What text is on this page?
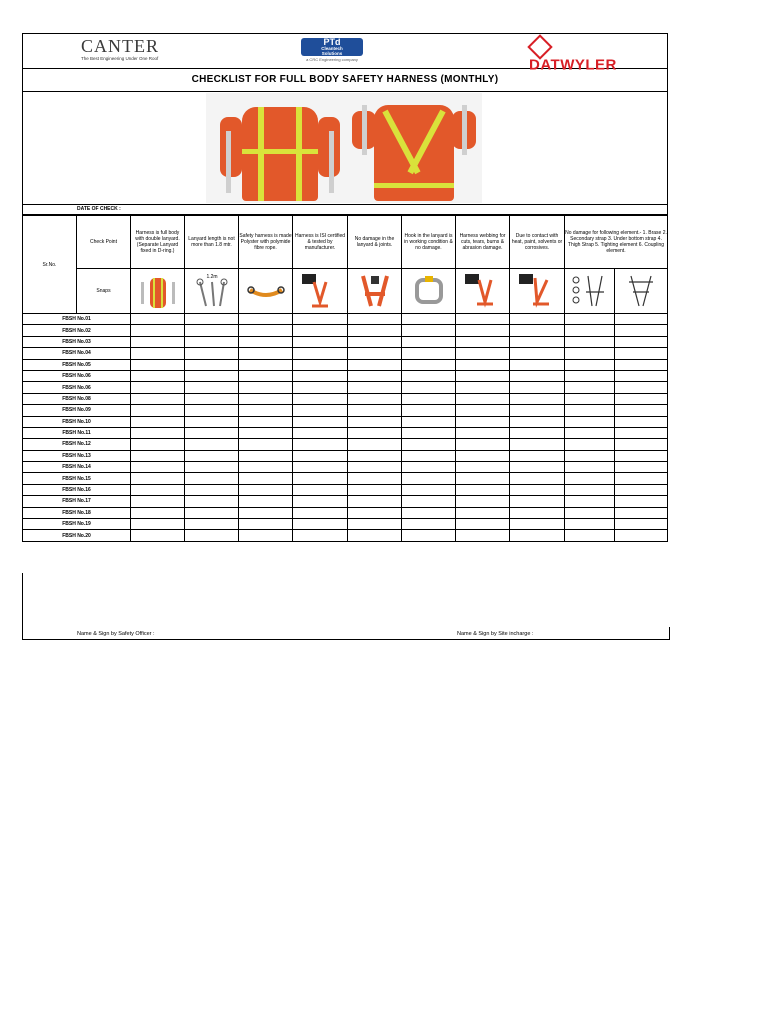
CANTER
The Best Engineering Under One Roof
PTd
Cleantech
Solutions
a CRC Engineering company	DATWYLER
CHECKLIST FOR FULL BODY SAFETY HARNESS (MONTHLY)
DATE OF CHECK :
Sr.No.	Check Point	Harness is full body with double lanyard.(Separate Lanyard fixed in D-ring.)	Lanyard length is not more than 1.8 mtr.	Safety harness is made Polyster with polymide fibre rope.	Harness is ISI certified & tested by manufacturer.	No damage in the lanyard & joints.	Hook in the lanyard is in working condition & no damage.	Harness webbing for cuts, tears, burns & abrasion damage.	Due to contact with heat, paint, solvents or corrosives.	No damage for following element.- 1. Brase 2. Secondary strap 3. Under bottom strap 4. Thigh Strap 5. Tighting element 6. Coupling element.	
	Snaps		1.2m

FBSH No.01											
FBSH No.02											
FBSH No.03											
FBSH No.04											
FBSH No.05											
FBSH No.06											
FBSH No.06											
FBSH No.08											
FBSH No.09											
FBSH No.10											
FBSH No.11											
FBSH No.12											
FBSH No.13											
FBSH No.14											
FBSH No.15											
FBSH No.16											
FBSH No.17											
FBSH No.18											
FBSH No.19											
FBSH No.20											
Name & Sign by Safety Officer :	Name & Sign by Site incharge :
